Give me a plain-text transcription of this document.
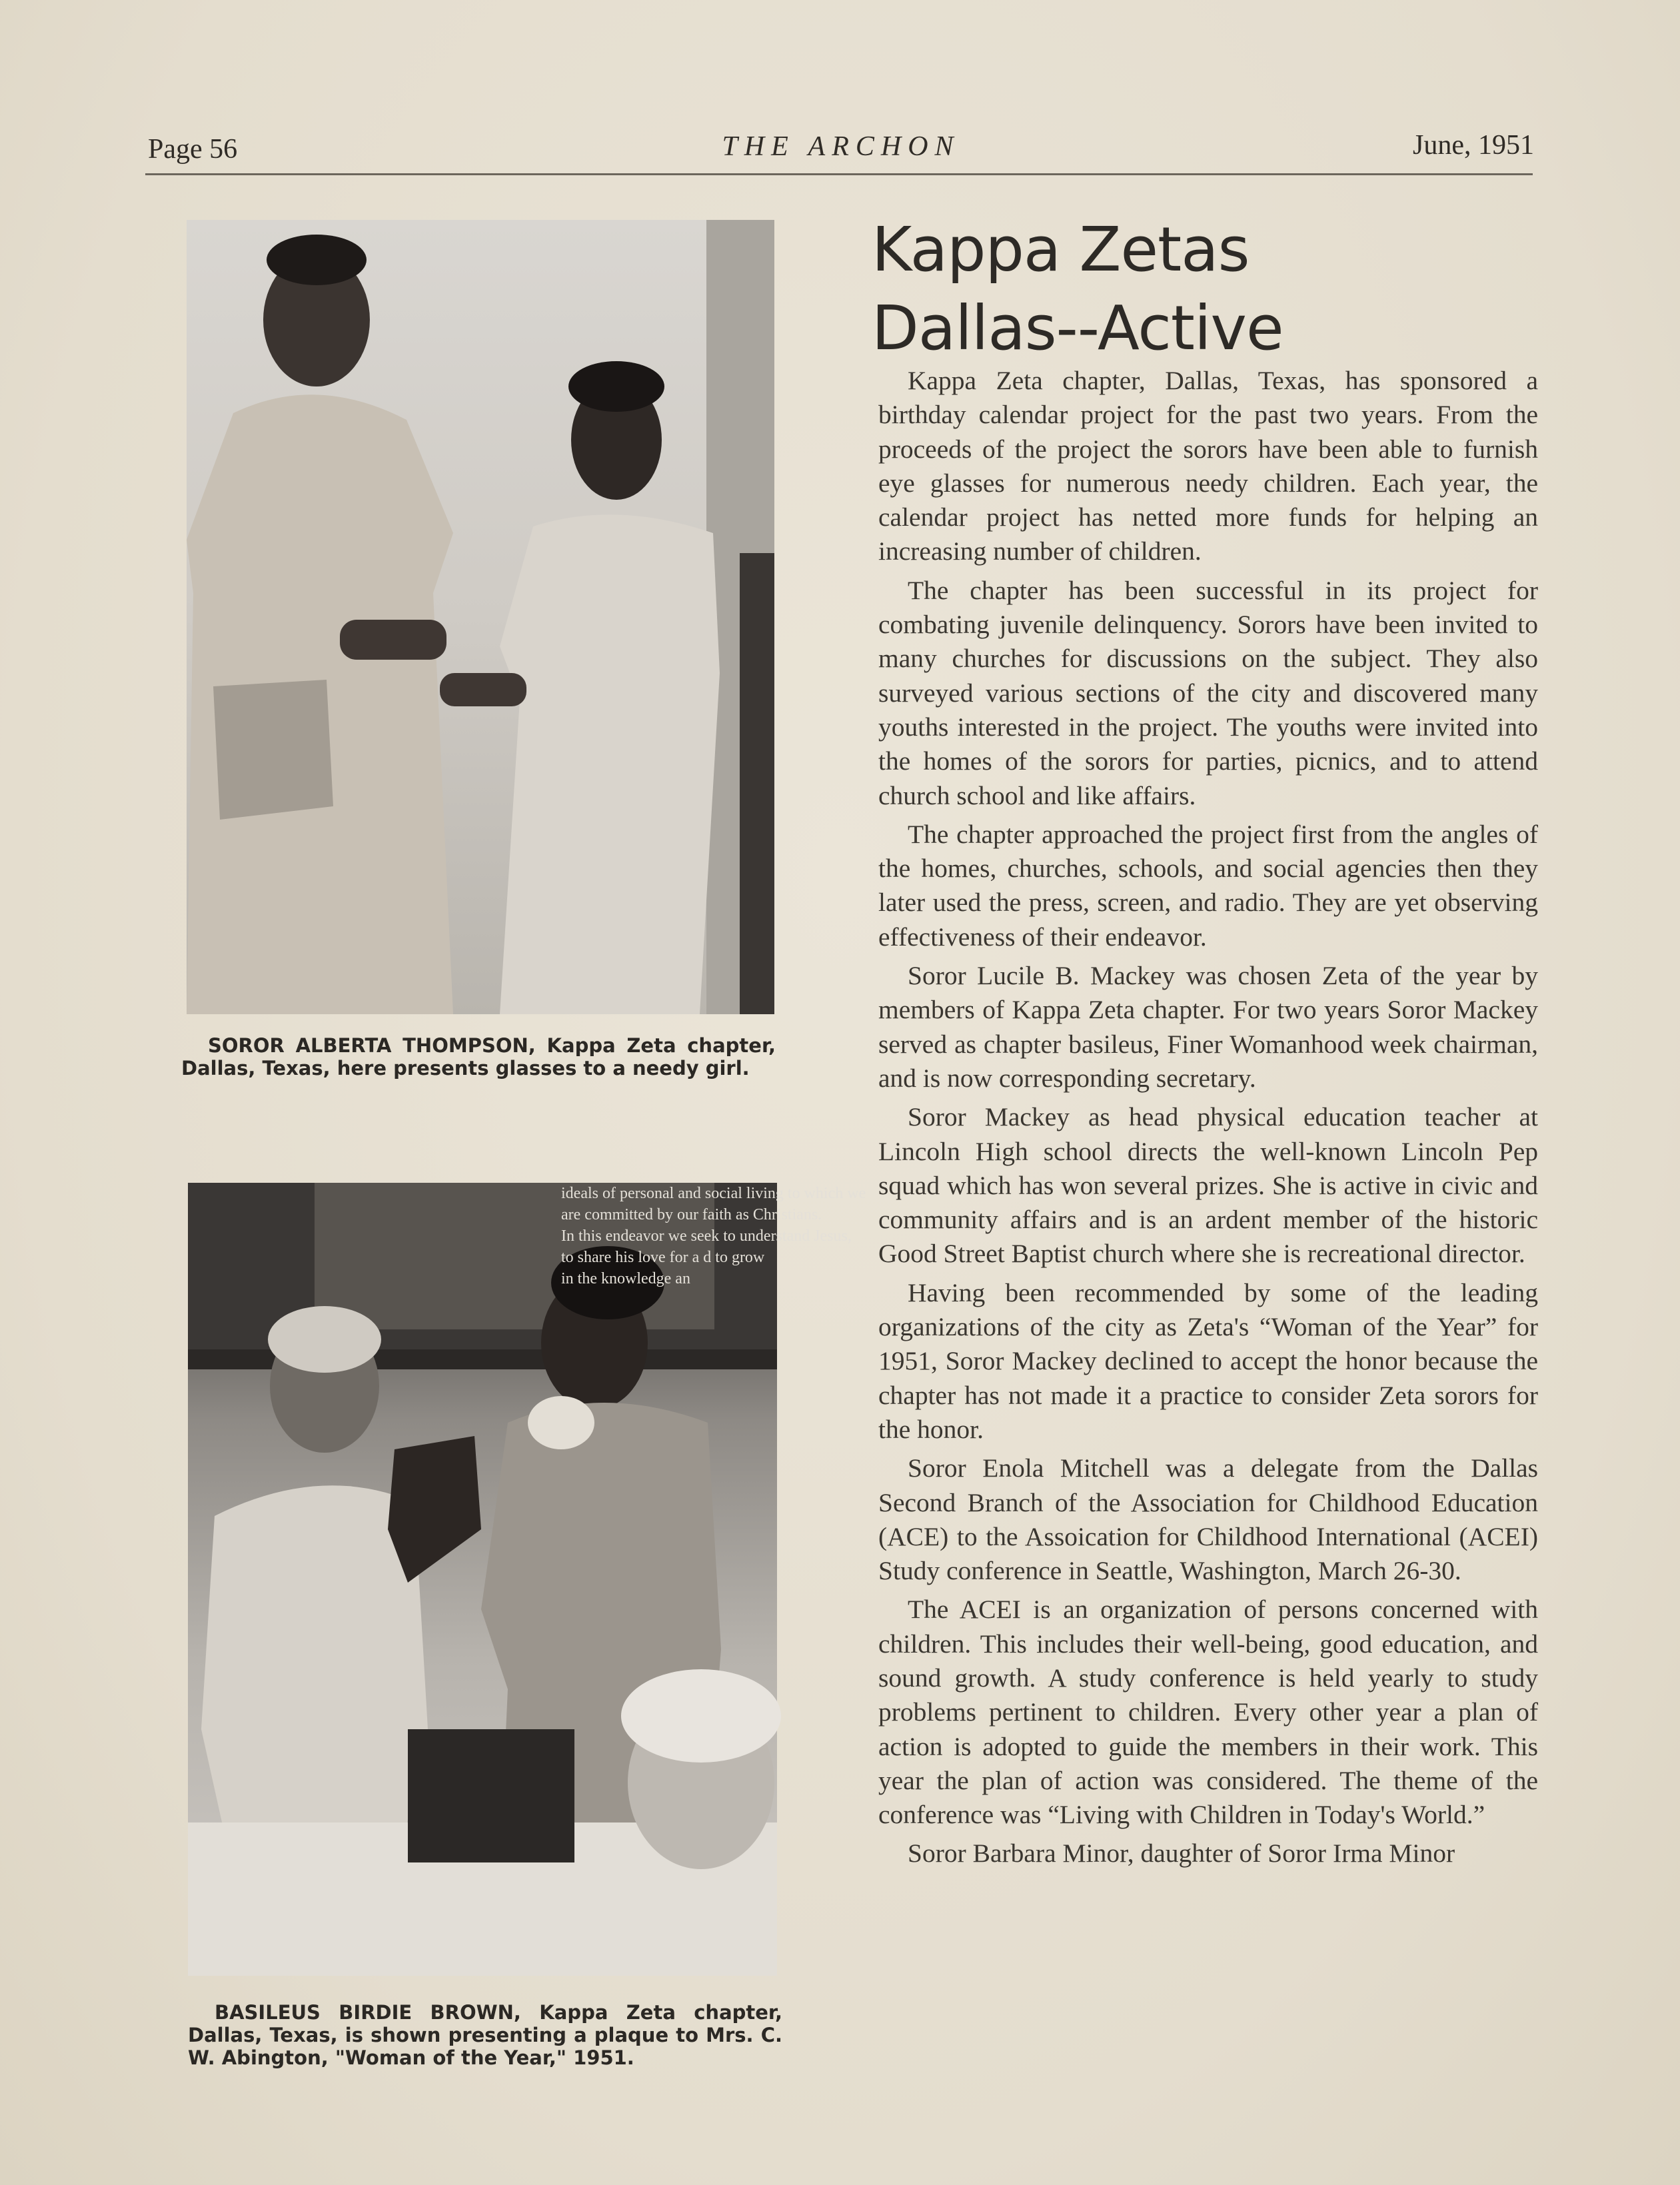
Page 56	THE ARCHON	June, 1951
SOROR ALBERTA THOMPSON, Kappa Zeta chapter, Dallas, Texas, here presents glasses to a needy girl.
ideals of personal and social living to which we
are committed by our faith as Christians.
In this endeavor we seek to understand Jesus,
to share his love for a d to grow
in the knowledge an
BASILEUS BIRDIE BROWN, Kappa Zeta chapter, Dallas, Texas, is shown presenting a plaque to Mrs. C. W. Abington, "Woman of the Year," 1951.
Kappa Zetas
Dallas--Active

Kappa Zeta chapter, Dallas, Texas, has sponsored a birthday calendar project for the past two years. From the proceeds of the project the sorors have been able to furnish eye glasses for numerous needy children. Each year, the calendar project has netted more funds for helping an increasing number of children.

The chapter has been successful in its project for combating juvenile delinquency. Sorors have been invited to many churches for discussions on the subject. They also surveyed various sections of the city and discovered many youths interested in the project. The youths were invited into the homes of the sorors for parties, picnics, and to attend church school and like affairs.

The chapter approached the project first from the angles of the homes, churches, schools, and social agencies then they later used the press, screen, and radio. They are yet observing effectiveness of their endeavor.

Soror Lucile B. Mackey was chosen Zeta of the year by members of Kappa Zeta chapter. For two years Soror Mackey served as chapter basileus, Finer Womanhood week chairman, and is now corresponding secretary.

Soror Mackey as head physical education teacher at Lincoln High school directs the well-known Lincoln Pep squad which has won several prizes. She is active in civic and community affairs and is an ardent member of the historic Good Street Baptist church where she is recreational director.

Having been recommended by some of the leading organizations of the city as Zeta's “Woman of the Year” for 1951, Soror Mackey declined to accept the honor because the chapter has not made it a practice to consider Zeta sorors for the honor.

Soror Enola Mitchell was a delegate from the Dallas Second Branch of the Association for Childhood Education (ACE) to the Assoication for Childhood International (ACEI) Study conference in Seattle, Washington, March 26-30.

The ACEI is an organization of persons concerned with children. This includes their well-being, good education, and sound growth. A study conference is held yearly to study problems pertinent to children. Every other year a plan of action is adopted to guide the members in their work. This year the plan of action was considered. The theme of the conference was “Living with Children in Today's World.”

Soror Barbara Minor, daughter of Soror Irma Minor
